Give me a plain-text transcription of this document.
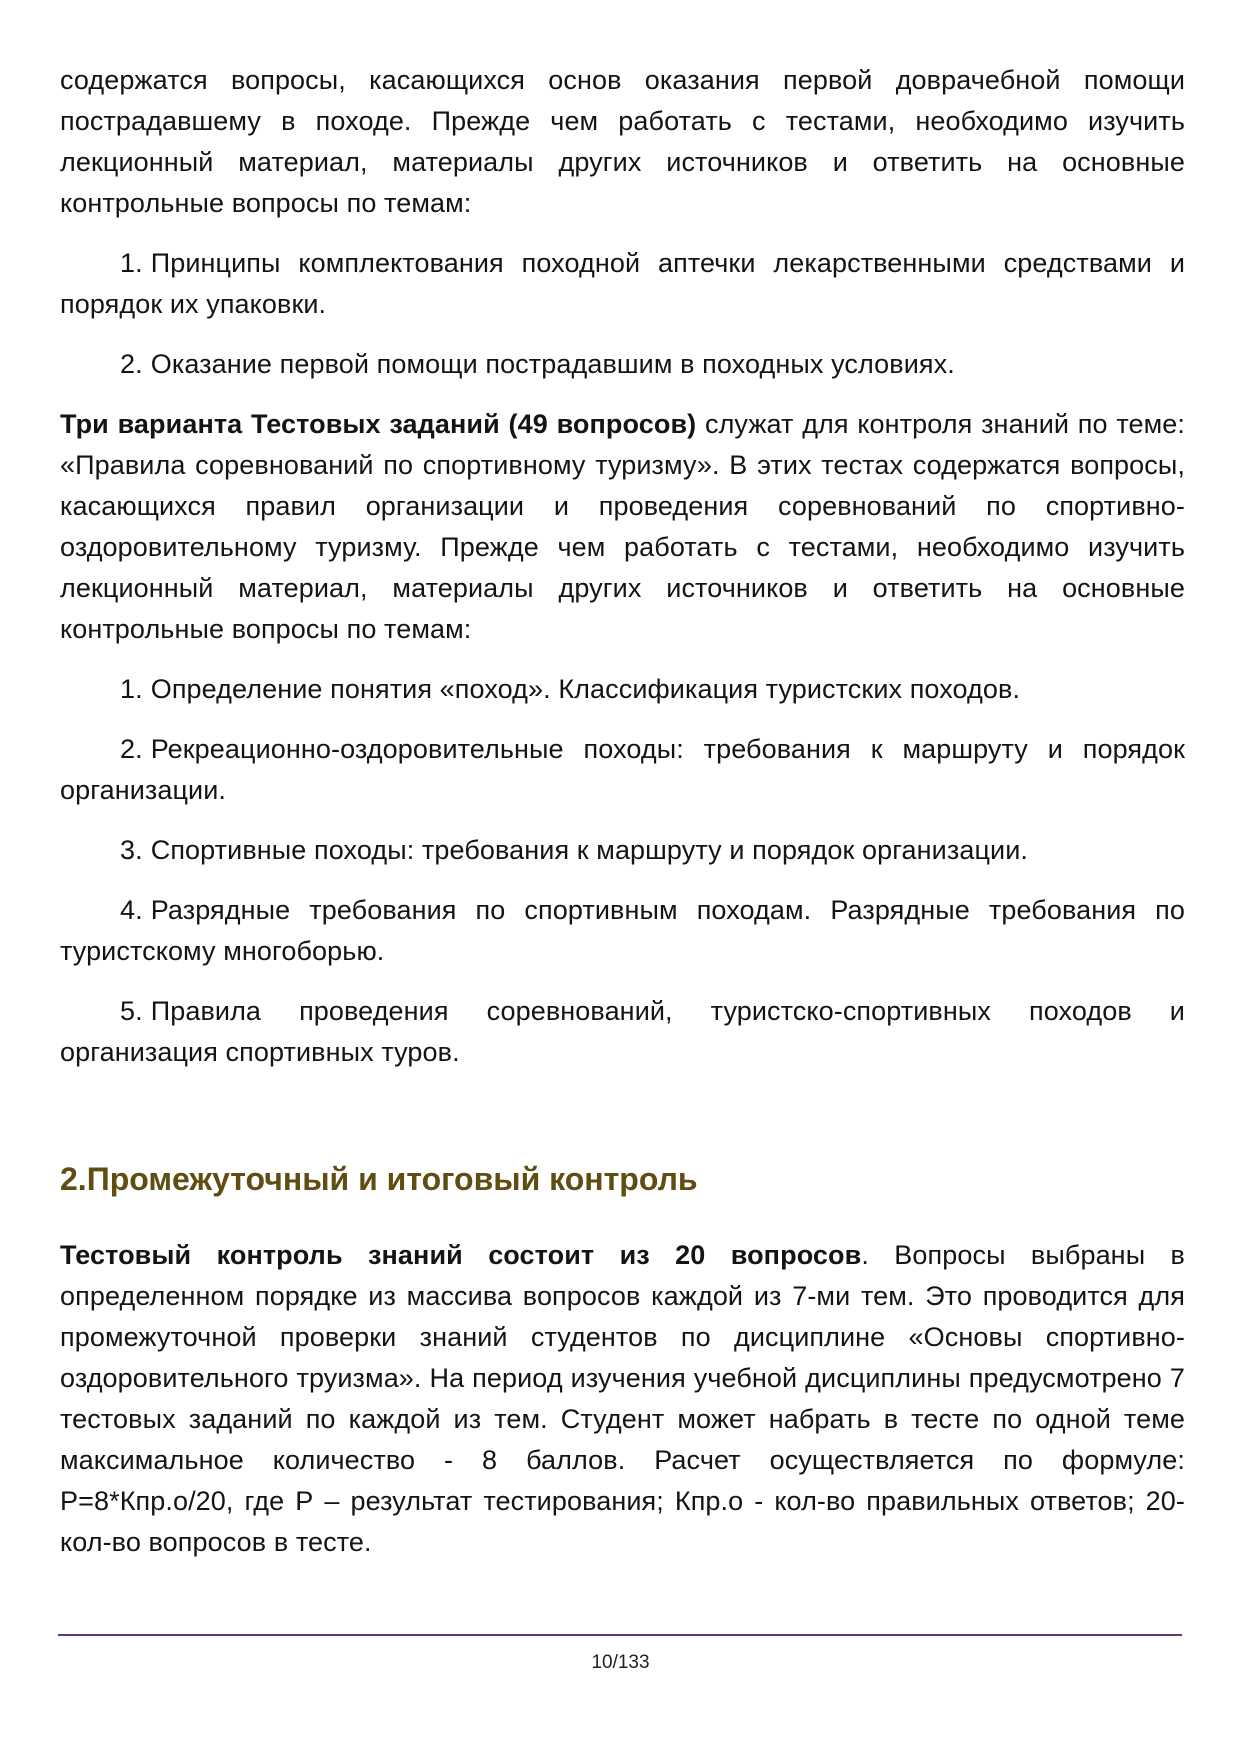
содержатся вопросы, касающихся основ оказания первой доврачебной помощи пострадавшему в походе. Прежде чем работать с тестами, необходимо изучить лекционный материал, материалы других источников и ответить на основные контрольные вопросы по темам:

1. Принципы комплектования походной аптечки лекарственными средствами и порядок их упаковки.

2. Оказание первой помощи пострадавшим в походных условиях.

Три варианта Тестовых заданий (49 вопросов) служат для контроля знаний по теме: «Правила соревнований по спортивному туризму». В этих тестах содержатся вопросы, касающихся правил организации и проведения соревнований по спортивно-оздоровительному туризму. Прежде чем работать с тестами, необходимо изучить лекционный материал, материалы других источников и ответить на основные контрольные вопросы по темам:

1. Определение понятия «поход». Классификация туристских походов.

2. Рекреационно-оздоровительные походы: требования к маршруту и порядок организации.

3. Спортивные походы: требования к маршруту и порядок организации.

4. Разрядные требования по спортивным походам. Разрядные требования по туристскому многоборью.

5. Правила проведения соревнований, туристско-спортивных походов и организация спортивных туров.

2.Промежуточный и итоговый контроль

Тестовый контроль знаний состоит из 20 вопросов. Вопросы выбраны в определенном порядке из массива вопросов каждой из 7-ми тем. Это проводится для промежуточной проверки знаний студентов по дисциплине «Основы спортивно-оздоровительного труизма». На период изучения учебной дисциплины предусмотрено 7 тестовых заданий по каждой из тем. Студент может набрать в тесте по одной теме максимальное количество - 8 баллов. Расчет осуществляется по формуле: Р=8*Кпр.о/20, где Р – результат тестирования; Кпр.о - кол-во правильных ответов; 20-кол-во вопросов в тесте.

10/133
